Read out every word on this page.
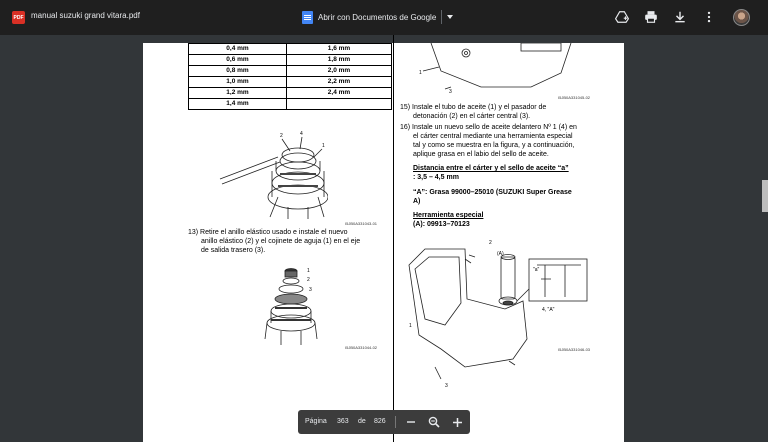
PDF manual suzuki grand vitara.pdf	Abrir con Documentos de Google
0,4 mm	1,6 mm
0,6 mm	1,8 mm
0,8 mm	2,0 mm
1,0 mm	2,2 mm
1,2 mm	2,4 mm
1,4 mm	
2	4
1
I5JB0A331043-01
13) Retire el anillo elástico usado e instale el nuevo
anillo elástico (2) y el cojinete de aguja (1) en el eje
de salida trasero (3).
1
2
3
I5JB0A331044-02
1
3
I5JB0A331045-02
15) Instale el tubo de aceite (1) y el pasador de
detonación (2) en el cárter central (3).
16) Instale un nuevo sello de aceite delantero Nº 1 (4) en
el cárter central mediante una herramienta especial
tal y como se muestra en la figura, y a continuación,
aplique grasa en el labio del sello de aceite.
Distancia entre el cárter y el sello de aceite “a”
: 3,5 – 4,5 mm
“A”: Grasa 99000–25010 (SUZUKI Super Grease
A)
Herramienta especial
(A): 09913–70123
2
(A)
"a"
4, "A"
1
3
I5JB0A331046-03
Página 363 de 826
